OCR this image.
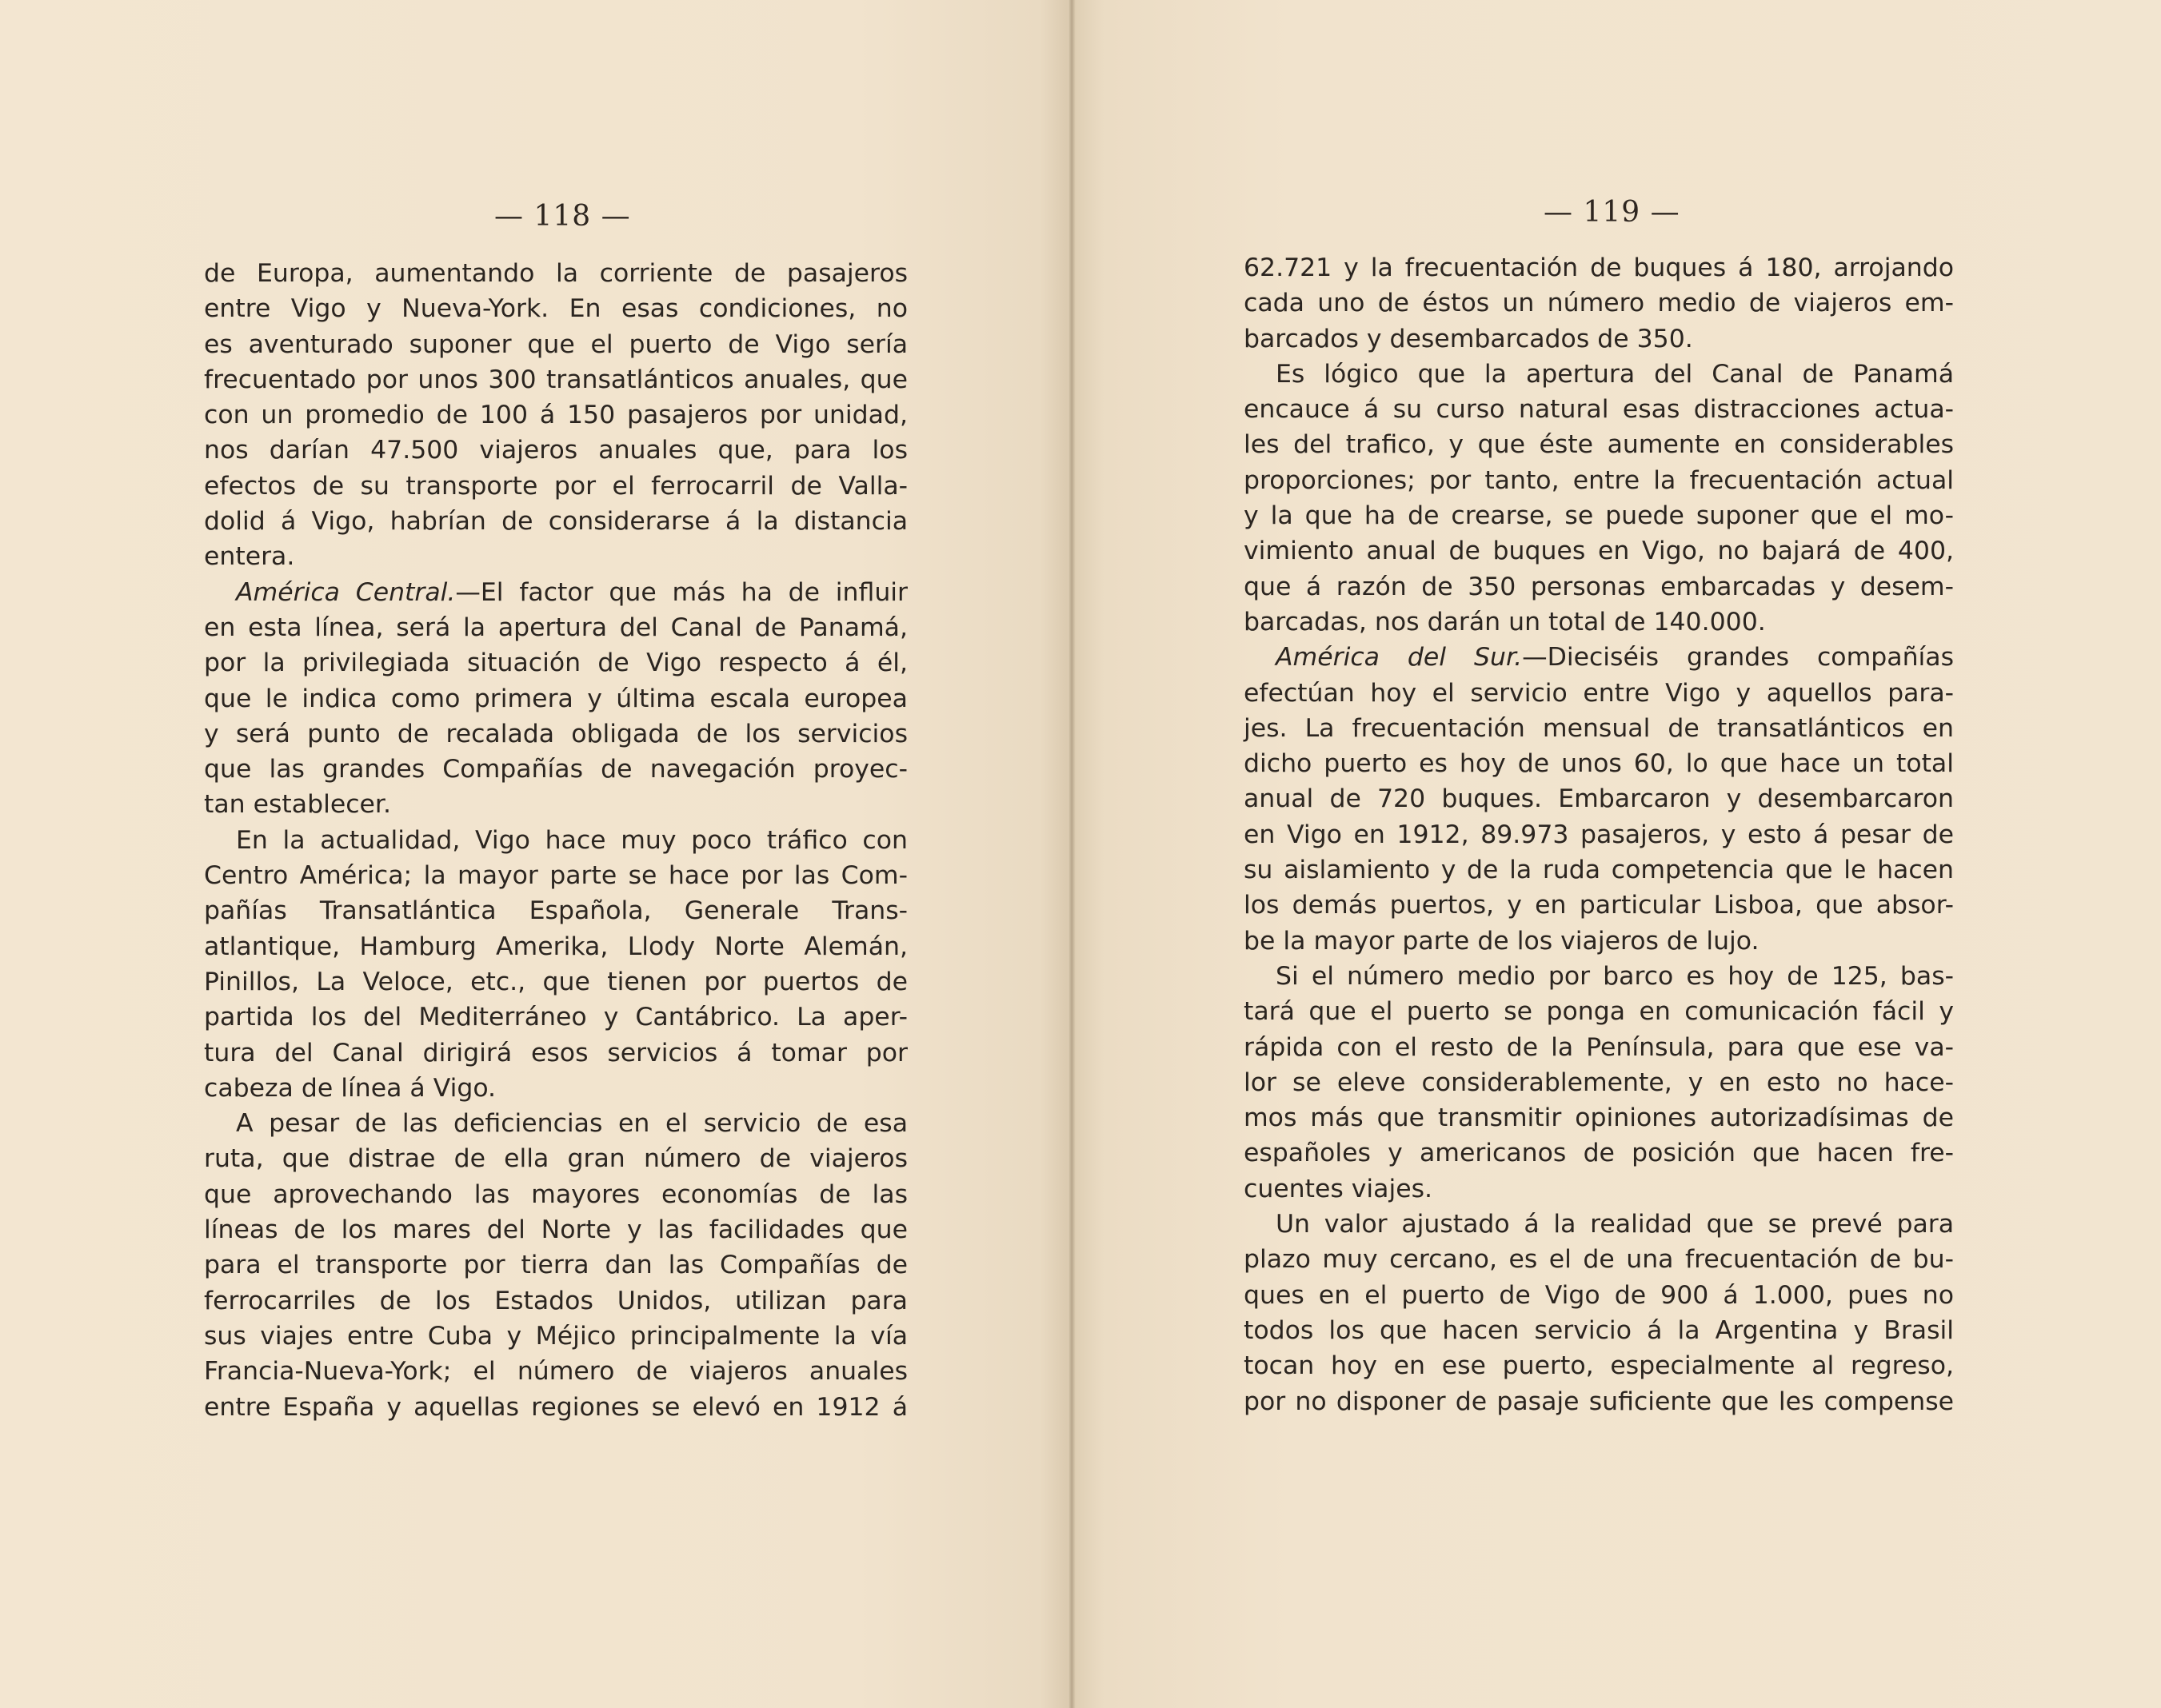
— 118 —
de Europa, aumentando la corriente de pasajeros
entre Vigo y Nueva-York. En esas condiciones, no
es aventurado suponer que el puerto de Vigo sería
frecuentado por unos 300 transatlánticos anuales, que
con un promedio de 100 á 150 pasajeros por unidad,
nos darían 47.500 viajeros anuales que, para los
efectos de su transporte por el ferrocarril de Valla-
dolid á Vigo, habrían de considerarse á la distancia
entera.
América Central.—El factor que más ha de influir
en esta línea, será la apertura del Canal de Panamá,
por la privilegiada situación de Vigo respecto á él,
que le indica como primera y última escala europea
y será punto de recalada obligada de los servicios
que las grandes Compañías de navegación proyec-
tan establecer.
En la actualidad, Vigo hace muy poco tráfico con
Centro América; la mayor parte se hace por las Com-
pañías Transatlántica Española, Generale Trans-
atlantique, Hamburg Amerika, Llody Norte Alemán,
Pinillos, La Veloce, etc., que tienen por puertos de
partida los del Mediterráneo y Cantábrico. La aper-
tura del Canal dirigirá esos servicios á tomar por
cabeza de línea á Vigo.
A pesar de las deficiencias en el servicio de esa
ruta, que distrae de ella gran número de viajeros
que aprovechando las mayores economías de las
líneas de los mares del Norte y las facilidades que
para el transporte por tierra dan las Compañías de
ferrocarriles de los Estados Unidos, utilizan para
sus viajes entre Cuba y Méjico principalmente la vía
Francia-Nueva-York; el número de viajeros anuales
entre España y aquellas regiones se elevó en 1912 á
— 119 —
62.721 y la frecuentación de buques á 180, arrojando
cada uno de éstos un número medio de viajeros em-
barcados y desembarcados de 350.
Es lógico que la apertura del Canal de Panamá
encauce á su curso natural esas distracciones actua-
les del trafico, y que éste aumente en considerables
proporciones; por tanto, entre la frecuentación actual
y la que ha de crearse, se puede suponer que el mo-
vimiento anual de buques en Vigo, no bajará de 400,
que á razón de 350 personas embarcadas y desem-
barcadas, nos darán un total de 140.000.
América del Sur.—Dieciséis grandes compañías
efectúan hoy el servicio entre Vigo y aquellos para-
jes. La frecuentación mensual de transatlánticos en
dicho puerto es hoy de unos 60, lo que hace un total
anual de 720 buques. Embarcaron y desembarcaron
en Vigo en 1912, 89.973 pasajeros, y esto á pesar de
su aislamiento y de la ruda competencia que le hacen
los demás puertos, y en particular Lisboa, que absor-
be la mayor parte de los viajeros de lujo.
Si el número medio por barco es hoy de 125, bas-
tará que el puerto se ponga en comunicación fácil y
rápida con el resto de la Península, para que ese va-
lor se eleve considerablemente, y en esto no hace-
mos más que transmitir opiniones autorizadísimas de
españoles y americanos de posición que hacen fre-
cuentes viajes.
Un valor ajustado á la realidad que se prevé para
plazo muy cercano, es el de una frecuentación de bu-
ques en el puerto de Vigo de 900 á 1.000, pues no
todos los que hacen servicio á la Argentina y Brasil
tocan hoy en ese puerto, especialmente al regreso,
por no disponer de pasaje suficiente que les compense
